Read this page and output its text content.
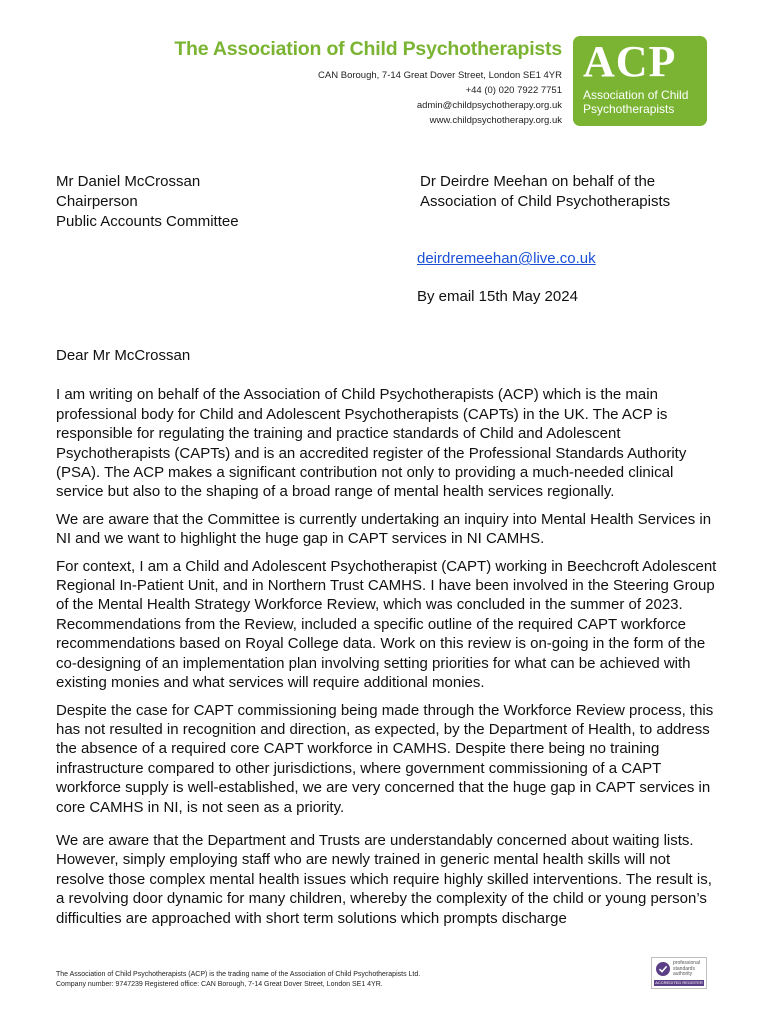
The Association of Child Psychotherapists
CAN Borough, 7-14 Great Dover Street, London SE1 4YR
+44 (0) 020 7922 7751
admin@childpsychotherapy.org.uk
www.childpsychotherapy.org.uk
ACP
Association of Child
Psychotherapists
Mr Daniel McCrossan
Chairperson
Public Accounts Committee
Dr Deirdre Meehan on behalf of the
Association of Child Psychotherapists
deirdremeehan@live.co.uk
By email 15th May 2024

Dear Mr McCrossan

I am writing on behalf of the Association of Child Psychotherapists (ACP) which is the main professional body for Child and Adolescent Psychotherapists (CAPTs) in the UK. The ACP is responsible for regulating the training and practice standards of Child and Adolescent Psychotherapists (CAPTs) and is an accredited register of the Professional Standards Authority (PSA). The ACP makes a significant contribution not only to providing a much-needed clinical service but also to the shaping of a broad range of mental health services regionally.

We are aware that the Committee is currently undertaking an inquiry into Mental Health Services in NI and we want to highlight the huge gap in CAPT services in NI CAMHS.

For context, I am a Child and Adolescent Psychotherapist (CAPT) working in Beechcroft Adolescent Regional In-Patient Unit, and in Northern Trust CAMHS. I have been involved in the Steering Group of the Mental Health Strategy Workforce Review, which was concluded in the summer of 2023. Recommendations from the Review, included a specific outline of the required CAPT workforce recommendations based on Royal College data. Work on this review is on-going in the form of the co-designing of an implementation plan involving setting priorities for what can be achieved with existing monies and what services will require additional monies.

Despite the case for CAPT commissioning being made through the Workforce Review process, this has not resulted in recognition and direction, as expected, by the Department of Health, to address the absence of a required core CAPT workforce in CAMHS. Despite there being no training infrastructure compared to other jurisdictions, where government commissioning of a CAPT workforce supply is well-established, we are very concerned that the huge gap in CAPT services in core CAMHS in NI, is not seen as a priority.

We are aware that the Department and Trusts are understandably concerned about waiting lists. However, simply employing staff who are newly trained in generic mental health skills will not resolve those complex mental health issues which require highly skilled interventions. The result is, a revolving door dynamic for many children, whereby the complexity of the child or young person’s difficulties are approached with short term solutions which prompts discharge

The Association of Child Psychotherapists (ACP) is the trading name of the Association of Child Psychotherapists Ltd.
Company number: 9747239 Registered office: CAN Borough, 7-14 Great Dover Street, London SE1 4YR.
professional
standards
authority
ACCREDITED REGISTER
